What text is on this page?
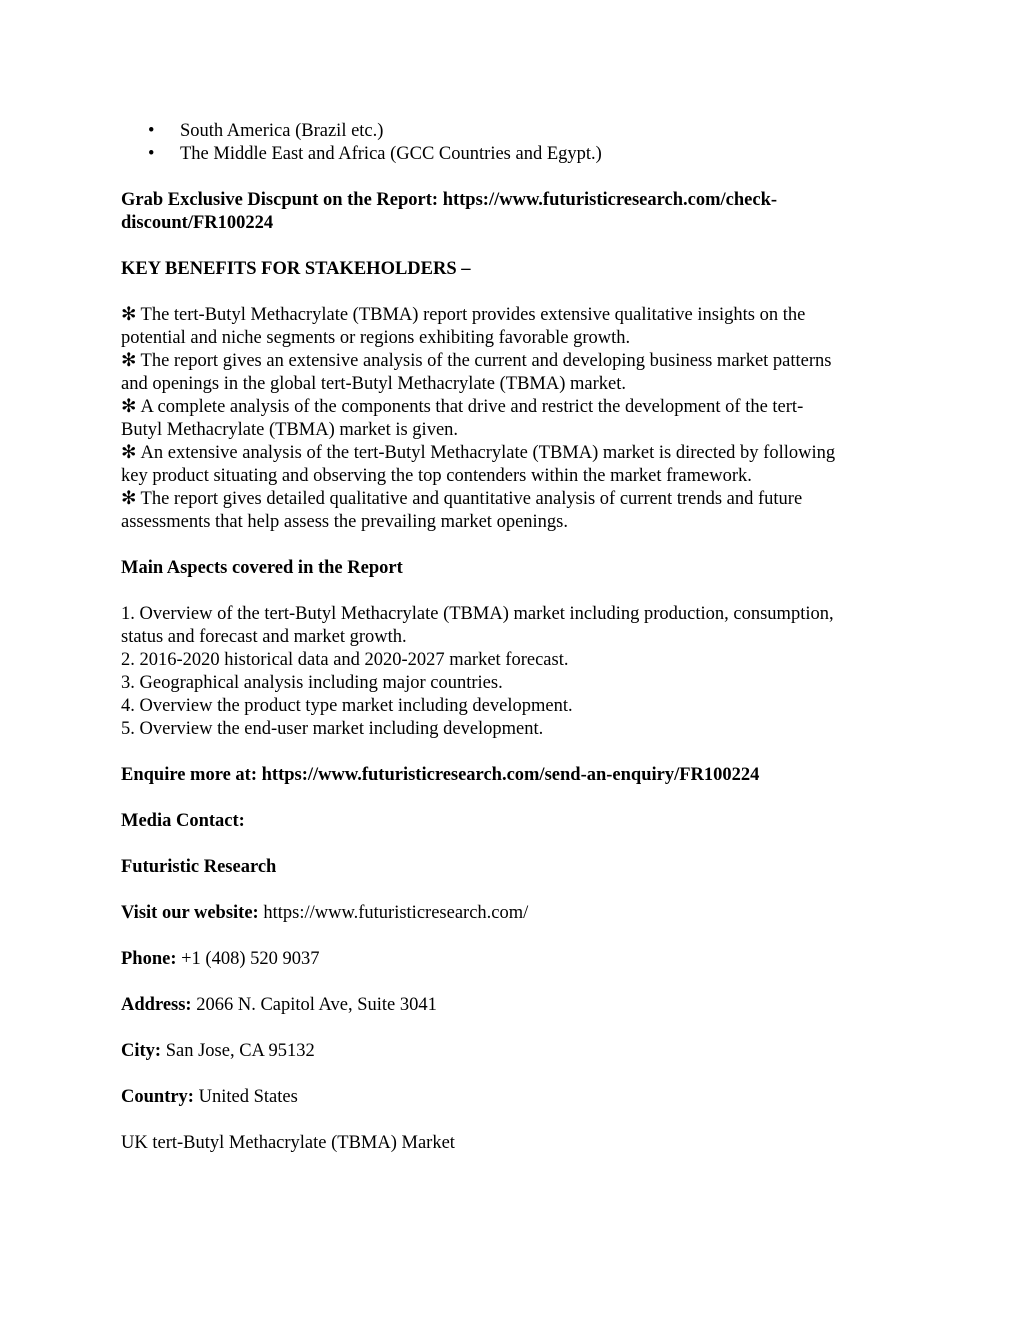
• South America (Brazil etc.)
• The Middle East and Africa (GCC Countries and Egypt.)
Grab Exclusive Discpunt on the Report: https://www.futuristicresearch.com/check-
discount/FR100224
KEY BENEFITS FOR STAKEHOLDERS –
✻ The tert-Butyl Methacrylate (TBMA) report provides extensive qualitative insights on the
potential and niche segments or regions exhibiting favorable growth.
✻ The report gives an extensive analysis of the current and developing business market patterns
and openings in the global tert-Butyl Methacrylate (TBMA) market.
✻ A complete analysis of the components that drive and restrict the development of the tert-
Butyl Methacrylate (TBMA) market is given.
✻ An extensive analysis of the tert-Butyl Methacrylate (TBMA) market is directed by following
key product situating and observing the top contenders within the market framework.
✻ The report gives detailed qualitative and quantitative analysis of current trends and future
assessments that help assess the prevailing market openings.
Main Aspects covered in the Report
1. Overview of the tert-Butyl Methacrylate (TBMA) market including production, consumption,
status and forecast and market growth.
2. 2016-2020 historical data and 2020-2027 market forecast.
3. Geographical analysis including major countries.
4. Overview the product type market including development.
5. Overview the end-user market including development.
Enquire more at: https://www.futuristicresearch.com/send-an-enquiry/FR100224
Media Contact:
Futuristic Research
Visit our website: https://www.futuristicresearch.com/
Phone: +1 (408) 520 9037
Address: 2066 N. Capitol Ave, Suite 3041
City: San Jose, CA 95132
Country: United States
UK tert-Butyl Methacrylate (TBMA) Market
